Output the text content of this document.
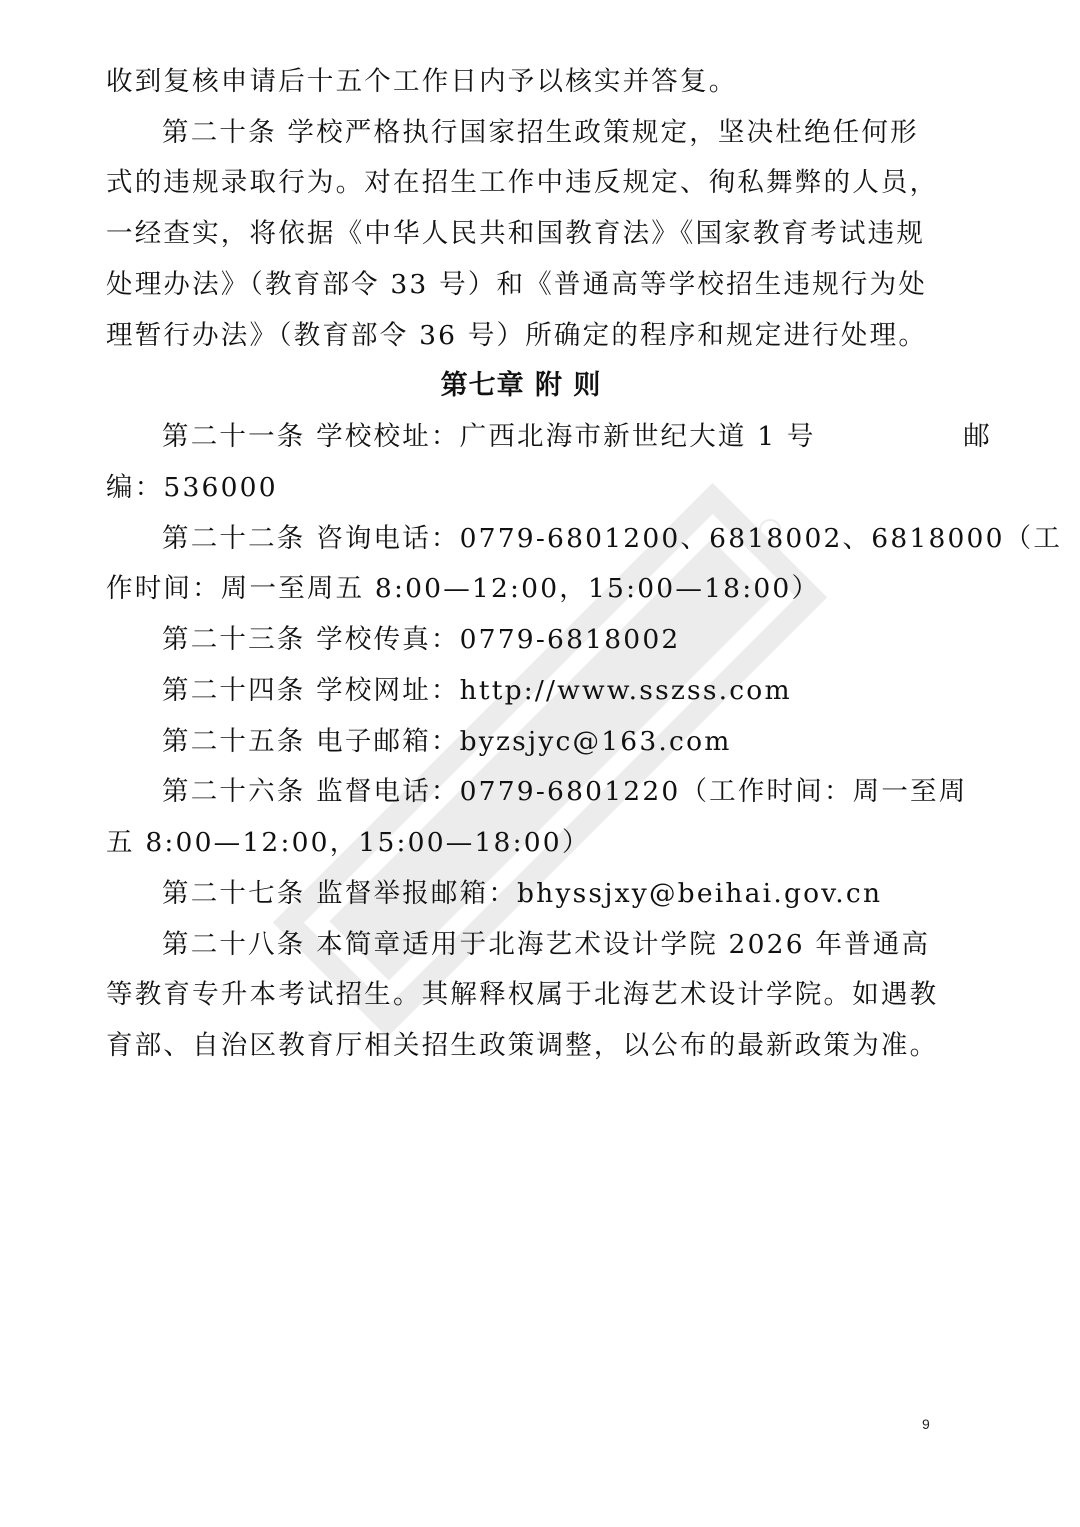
收到复核申请后十五个工作日内予以核实并答复。
第二十条 学校严格执行国家招生政策规定，坚决杜绝任何形
式的违规录取行为。对在招生工作中违反规定、徇私舞弊的人员，
一经查实，将依据《中华人民共和国教育法》《国家教育考试违规
处理办法》（教育部令 33 号）和《普通高等学校招生违规行为处
理暂行办法》（教育部令 36 号）所确定的程序和规定进行处理。
第七章 附 则
第二十一条 学校校址：广西北海市新世纪大道 1 号	邮
编：536000
第二十二条 咨询电话：0779-6801200、6818002、6818000（工
作时间：周一至周五 8:00—12:00，15:00—18:00）
第二十三条 学校传真：0779-6818002
第二十四条 学校网址：http://www.sszss.com
第二十五条 电子邮箱：byzsjyc@163.com
第二十六条 监督电话：0779-6801220（工作时间：周一至周
五 8:00—12:00，15:00—18:00）
第二十七条 监督举报邮箱：bhyssjxy@beihai.gov.cn
第二十八条 本简章适用于北海艺术设计学院 2026 年普通高
等教育专升本考试招生。其解释权属于北海艺术设计学院。如遇教
育部、自治区教育厅相关招生政策调整，以公布的最新政策为准。
9
